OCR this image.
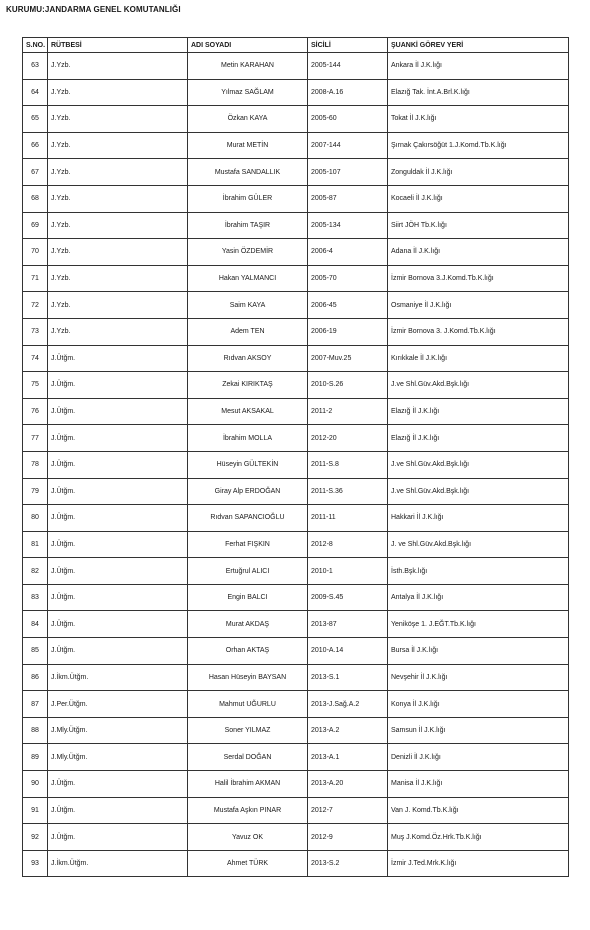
KURUMU:JANDARMA GENEL KOMUTANLIĞI
S.NO.	RÜTBESİ	ADI SOYADI	SİCİLİ	ŞUANKİ GÖREV YERİ
63	J.Yzb.	Metin KARAHAN	2005-144	Ankara İl J.K.lığı
64	J.Yzb.	Yılmaz SAĞLAM	2008-A.16	Elazığ Tak. İnt.A.Brl.K.lığı
65	J.Yzb.	Özkan KAYA	2005-60	Tokat İl J.K.lığı
66	J.Yzb.	Murat METİN	2007-144	Şırnak Çakırsöğüt 1.J.Komd.Tb.K.lığı
67	J.Yzb.	Mustafa SANDALLIK	2005-107	Zonguldak İl J.K.lığı
68	J.Yzb.	İbrahim GÜLER	2005-87	Kocaeli İl J.K.lığı
69	J.Yzb.	İbrahim TAŞIR	2005-134	Siirt JÖH Tb.K.lığı
70	J.Yzb.	Yasin ÖZDEMİR	2006-4	Adana İl J.K.lığı
71	J.Yzb.	Hakan YALMANCI	2005-70	İzmir Bornova 3.J.Komd.Tb.K.lığı
72	J.Yzb.	Saim KAYA	2006-45	Osmaniye İl J.K.lığı
73	J.Yzb.	Adem TEN	2006-19	İzmir Bornova 3. J.Komd.Tb.K.lığı
74	J.Ütğm.	Rıdvan AKSOY	2007-Muv.25	Kırıkkale İl J.K.lığı
75	J.Ütğm.	Zekai KIRIKTAŞ	2010-S.26	J.ve Shl.Güv.Akd.Bşk.lığı
76	J.Ütğm.	Mesut AKSAKAL	2011-2	Elazığ İl J.K.lığı
77	J.Ütğm.	İbrahim MOLLA	2012-20	Elazığ İl J.K.lığı
78	J.Ütğm.	Hüseyin GÜLTEKİN	2011-S.8	J.ve Shl.Güv.Akd.Bşk.lığı
79	J.Ütğm.	Giray Alp ERDOĞAN	2011-S.36	J.ve Shl.Güv.Akd.Bşk.lığı
80	J.Ütğm.	Rıdvan SAPANCIOĞLU	2011-11	Hakkari İl J.K.lığı
81	J.Ütğm.	Ferhat FIŞKIN	2012-8	J. ve Shl.Güv.Akd.Bşk.lığı
82	J.Ütğm.	Ertuğrul ALICI	2010-1	İsth.Bşk.lığı
83	J.Ütğm.	Engin BALCI	2009-S.45	Antalya İl J.K.lığı
84	J.Ütğm.	Murat AKDAŞ	2013-87	Yeniköşe 1. J.EĞT.Tb.K.lığı
85	J.Ütğm.	Orhan AKTAŞ	2010-A.14	Bursa İl J.K.lığı
86	J.İkm.Ütğm.	Hasan Hüseyin BAYSAN	2013-S.1	Nevşehir İl J.K.lığı
87	J.Per.Ütğm.	Mahmut UĞURLU	2013-J.Sağ.A.2	Konya İl J.K.lığı
88	J.Mly.Ütğm.	Soner YILMAZ	2013-A.2	Samsun İl J.K.lığı
89	J.Mly.Ütğm.	Serdal DOĞAN	2013-A.1	Denizli İl J.K.lığı
90	J.Ütğm.	Halil İbrahim AKMAN	2013-A.20	Manisa İl J.K.lığı
91	J.Ütğm.	Mustafa Aşkın PINAR	2012-7	Van J. Komd.Tb.K.lığı
92	J.Ütğm.	Yavuz OK	2012-9	Muş J.Komd.Öz.Hrk.Tb.K.lığı
93	J.İkm.Ütğm.	Ahmet TÜRK	2013-S.2	İzmir J.Ted.Mrk.K.lığı
